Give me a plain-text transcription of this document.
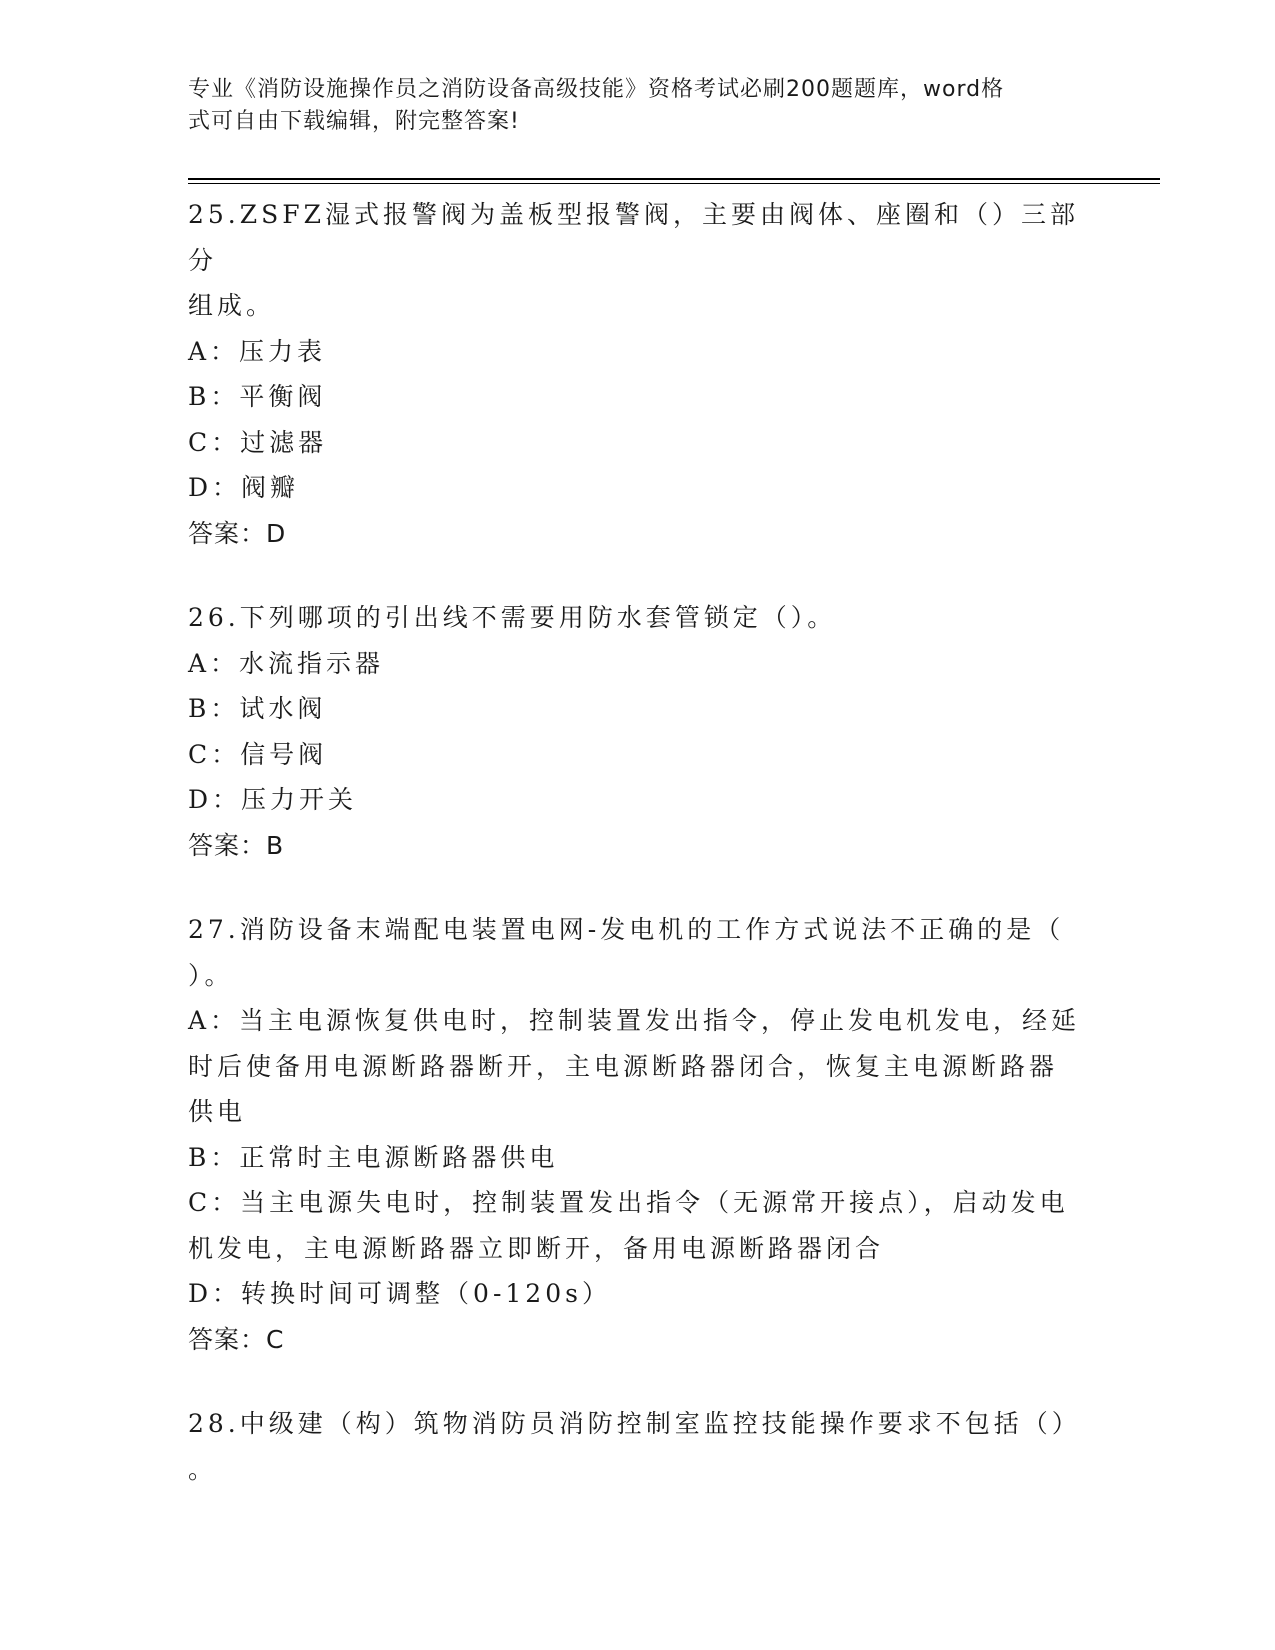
专业《消防设施操作员之消防设备高级技能》资格考试必刷200题题库，word格
式可自由下载编辑，附完整答案!
25.ZSFZ湿式报警阀为盖板型报警阀，主要由阀体、座圈和（）三部分
组成。
A：压力表
B：平衡阀
C：过滤器
D：阀瓣
答案：D
26.下列哪项的引出线不需要用防水套管锁定（）。
A：水流指示器
B：试水阀
C：信号阀
D：压力开关
答案：B
27.消防设备末端配电装置电网-发电机的工作方式说法不正确的是（
）。
A：当主电源恢复供电时，控制装置发出指令，停止发电机发电，经延
时后使备用电源断路器断开，主电源断路器闭合，恢复主电源断路器
供电
B：正常时主电源断路器供电
C：当主电源失电时，控制装置发出指令（无源常开接点），启动发电
机发电，主电源断路器立即断开，备用电源断路器闭合
D：转换时间可调整（0-120s）
答案：C
28.中级建（构）筑物消防员消防控制室监控技能操作要求不包括（）
。
